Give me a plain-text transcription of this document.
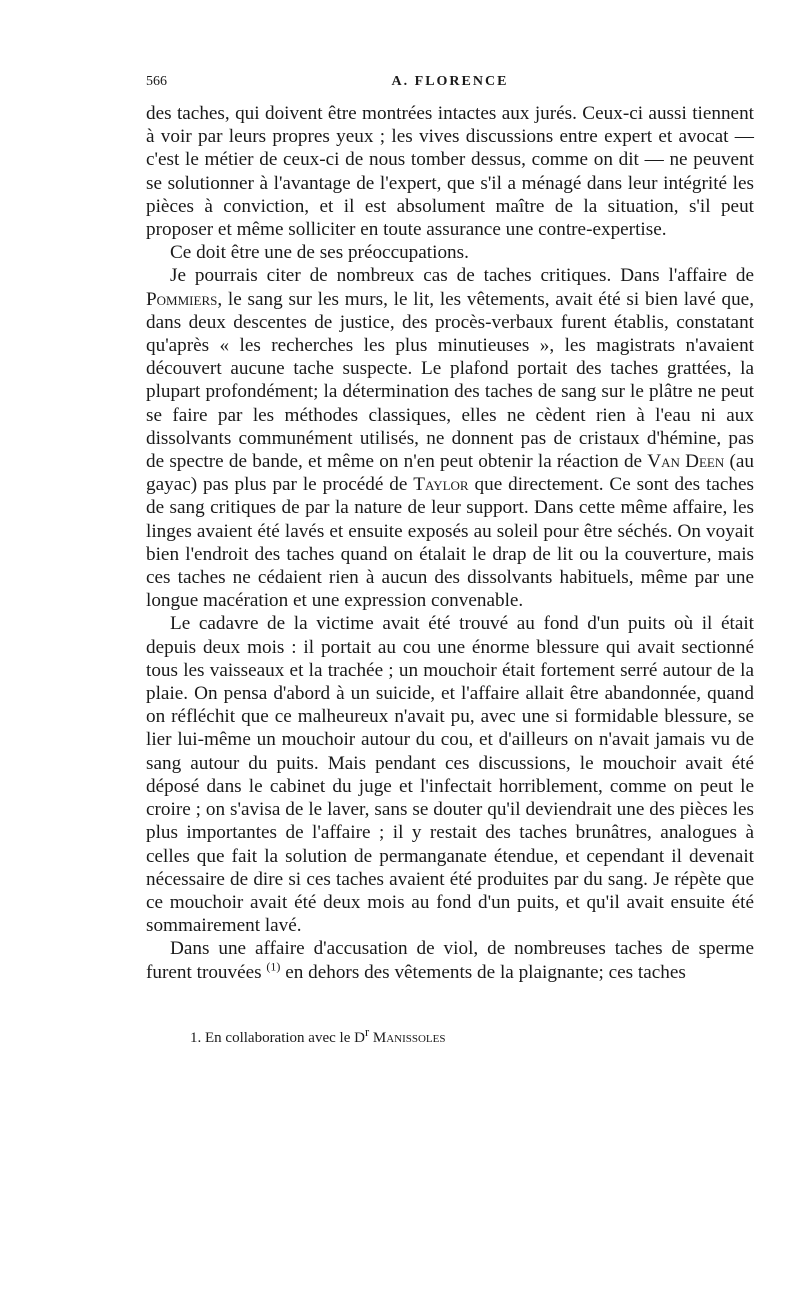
566	A. FLORENCE

des taches, qui doivent être montrées intactes aux jurés. Ceux-ci aussi tiennent à voir par leurs propres yeux ; les vives discussions entre expert et avocat — c'est le métier de ceux-ci de nous tomber dessus, comme on dit — ne peuvent se solutionner à l'avantage de l'expert, que s'il a ménagé dans leur intégrité les pièces à conviction, et il est absolument maître de la situation, s'il peut proposer et même solliciter en toute assurance une contre-expertise.

Ce doit être une de ses préoccupations.

Je pourrais citer de nombreux cas de taches critiques. Dans l'affaire de Pommiers, le sang sur les murs, le lit, les vêtements, avait été si bien lavé que, dans deux descentes de justice, des procès-verbaux furent établis, constatant qu'après « les recherches les plus minutieuses », les magistrats n'avaient découvert aucune tache suspecte. Le plafond portait des taches grattées, la plupart profondément; la détermination des taches de sang sur le plâtre ne peut se faire par les méthodes classiques, elles ne cèdent rien à l'eau ni aux dissolvants communément utilisés, ne donnent pas de cristaux d'hémine, pas de spectre de bande, et même on n'en peut obtenir la réaction de Van Deen (au gayac) pas plus par le procédé de Taylor que directement. Ce sont des taches de sang critiques de par la nature de leur support. Dans cette même affaire, les linges avaient été lavés et ensuite exposés au soleil pour être séchés. On voyait bien l'endroit des taches quand on étalait le drap de lit ou la couverture, mais ces taches ne cédaient rien à aucun des dissolvants habituels, même par une longue macération et une expression convenable.

Le cadavre de la victime avait été trouvé au fond d'un puits où il était depuis deux mois : il portait au cou une énorme blessure qui avait sectionné tous les vaisseaux et la trachée ; un mouchoir était fortement serré autour de la plaie. On pensa d'abord à un suicide, et l'affaire allait être abandonnée, quand on réfléchit que ce malheureux n'avait pu, avec une si formidable blessure, se lier lui-même un mouchoir autour du cou, et d'ailleurs on n'avait jamais vu de sang autour du puits. Mais pendant ces discussions, le mouchoir avait été déposé dans le cabinet du juge et l'infectait horriblement, comme on peut le croire ; on s'avisa de le laver, sans se douter qu'il deviendrait une des pièces les plus importantes de l'affaire ; il y restait des taches brunâtres, analogues à celles que fait la solution de permanganate étendue, et cependant il devenait nécessaire de dire si ces taches avaient été produites par du sang. Je répète que ce mouchoir avait été deux mois au fond d'un puits, et qu'il avait ensuite été sommairement lavé.

Dans une affaire d'accusation de viol, de nombreuses taches de sperme furent trouvées $^{(1)}$ en dehors des vêtements de la plaignante; ces taches

1. En collaboration avec le $D^r$ Manissoles
